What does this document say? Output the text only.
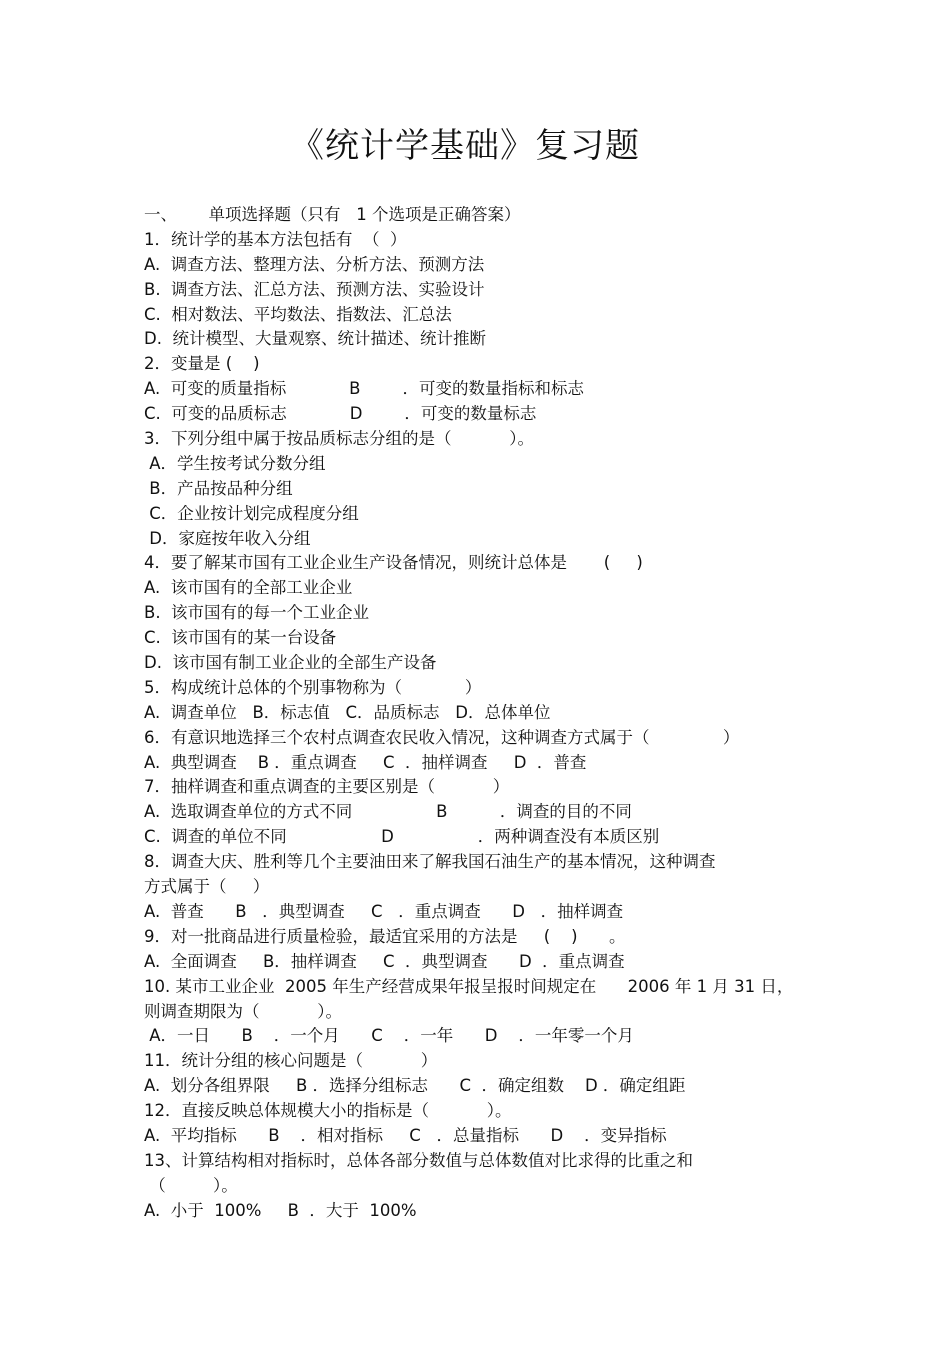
《统计学基础》复习题
一、      单项选择题（只有   1 个选项是正确答案）
1．统计学的基本方法包括有  （  ）
A.  调查方法、整理方法、分析方法、预测方法
B.  调查方法、汇总方法、预测方法、实验设计
C.  相对数法、平均数法、指数法、汇总法
D.  统计模型、大量观察、统计描述、统计推断
2．变量是 (    )
A.  可变的质量指标            B        ．可变的数量指标和标志
C.  可变的品质标志            D        ．可变的数量标志
3．下列分组中属于按品质标志分组的是（           ）。
A．学生按考试分数分组
B．产品按品种分组
C．企业按计划完成程度分组
D．家庭按年收入分组
4．要了解某市国有工业企业生产设备情况，则统计总体是       (     )
A.  该市国有的全部工业企业
B.  该市国有的每一个工业企业
C.  该市国有的某一台设备
D.  该市国有制工业企业的全部生产设备
5．构成统计总体的个别事物称为（            ）
A.  调查单位   B．标志值   C．品质标志   D．总体单位
6．有意识地选择三个农村点调查农民收入情况，这种调查方式属于（              ）
A.  典型调查    B ．重点调查     C  ．抽样调查     D  ．普查
7．抽样调查和重点调查的主要区别是（           ）
A.  选取调查单位的方式不同                B          ．调查的目的不同
C.  调查的单位不同                  D                ．两种调查没有本质区别
8．调查大庆、胜利等几个主要油田来了解我国石油生产的基本情况，这种调查
方式属于（     ）
A.  普查      B   ．典型调查     C   ．重点调查      D   ．抽样调查
9．对一批商品进行质量检验，最适宜采用的方法是     (    )      。
A.  全面调查     B．抽样调查     C  ．典型调查      D  ．重点调查
10. 某市工业企业  2005 年生产经营成果年报呈报时间规定在      2006 年 1 月 31 日，
则调查期限为（           ）。
A．一日      B    ．一个月      C    ．一年      D    ．一年零一个月
11．统计分组的核心问题是（           ）
A.  划分各组界限     B ．选择分组标志      C  ．确定组数    D ．确定组距
12．直接反映总体规模大小的指标是（           ）。
A.  平均指标      B    ．相对指标     C   ．总量指标      D    ．变异指标
13、计算结构相对指标时，总体各部分数值与总体数值对比求得的比重之和
（         ）。
A.  小于  100%     B  ．大于  100%
